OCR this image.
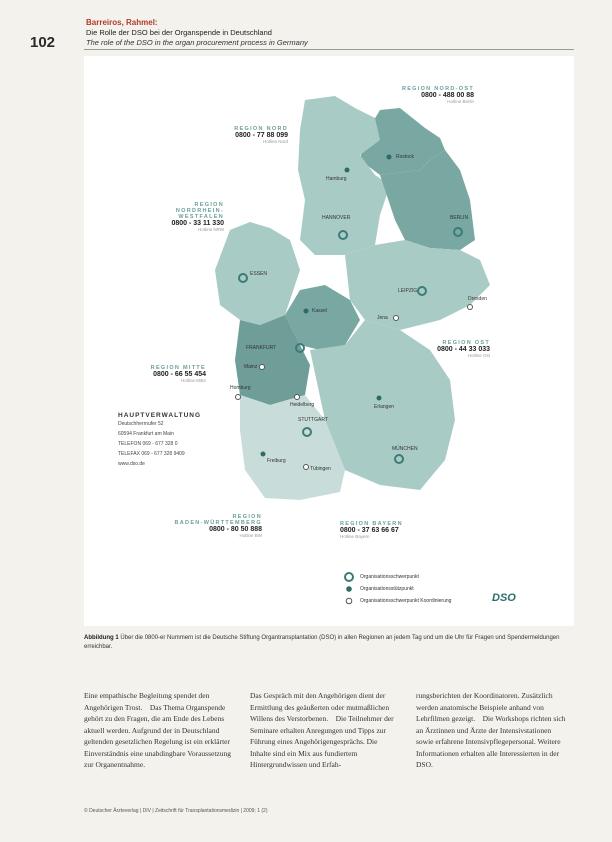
102
Barreiros, Rahmel:
Die Rolle der DSO bei der Organspende in Deutschland
The role of the DSO in the organ procurement process in Germany
REGION NORD-OST
0800 - 488 00 88
Hotline Berlin
REGION NORD
0800 - 77 88 099
Hotline Nord
REGION
NORDRHEIN-
WESTFALEN
0800 - 33 11 330
Hotline NRW
REGION OST
0800 - 44 33 033
Hotline Ost
REGION MITTE
0800 - 66 55 454
Hotline Mitte
REGION
BADEN-WÜRTTEMBERG
0800 - 80 50 888
Hotline BW
REGION BAYERN
0800 - 37 63 66 67
Hotline Bayern
Hamburg
Rostock
HANNOVER	BERLIN
ESSEN
LEIPZIG
Dresden
Kassel
Jena
FRANKFURT
Mainz
Homburg
Heidelberg
STUTTGART
Erlangen
Freiburg
Tübingen
MÜNCHEN
HAUPTVERWALTUNG
Deutschherrnufer 52
60594 Frankfurt am Main
TELEFON 069 - 677 328 0
TELEFAX 069 - 677 328 9409
www.dso.de
Organisationsschwerpunkt
Organisationsstützpunkt
Organisationsschwerpunkt Koordinierung	DSO
Abbildung 1 Über die 0800-er Nummern ist die Deutsche Stiftung Organtransplantation (DSO) in allen Regionen an jedem Tag und um die Uhr für Fragen und Spendermeldungen erreichbar.
Eine empathische Begleitung spendet den Angehörigen Trost. Das Thema Organspende gehört zu den Fragen, die am Ende des Lebens aktuell werden. Aufgrund der in Deutschland geltenden gesetzlichen Regelung ist ein erklärter Einverständnis eine unabdingbare Voraussetzung zur Organentnahme.
Das Gespräch mit den Angehörigen dient der Ermittlung des geäußerten oder mutmaßlichen Willens des Verstorbenen. Die Teilnehmer der Seminare erhalten Anregungen und Tipps zur Führung eines Angehörigengesprächs. Die Inhalte sind ein Mix aus fundiertem Hintergrundwissen und Erfah-
rungsberichten der Koordinatoren. Zusätzlich werden anatomische Beispiele anhand von Lehrfilmen gezeigt. Die Workshops richten sich an Ärztinnen und Ärzte der Intensivstationen sowie erfahrene Intensivpflegepersonal. Weitere Informationen erhalten alle Interessierten in der DSO.
© Deutscher Ärzteverlag | DIV | Zeitschrift für Transplantationsmedizin | 2009; 1 (2)
